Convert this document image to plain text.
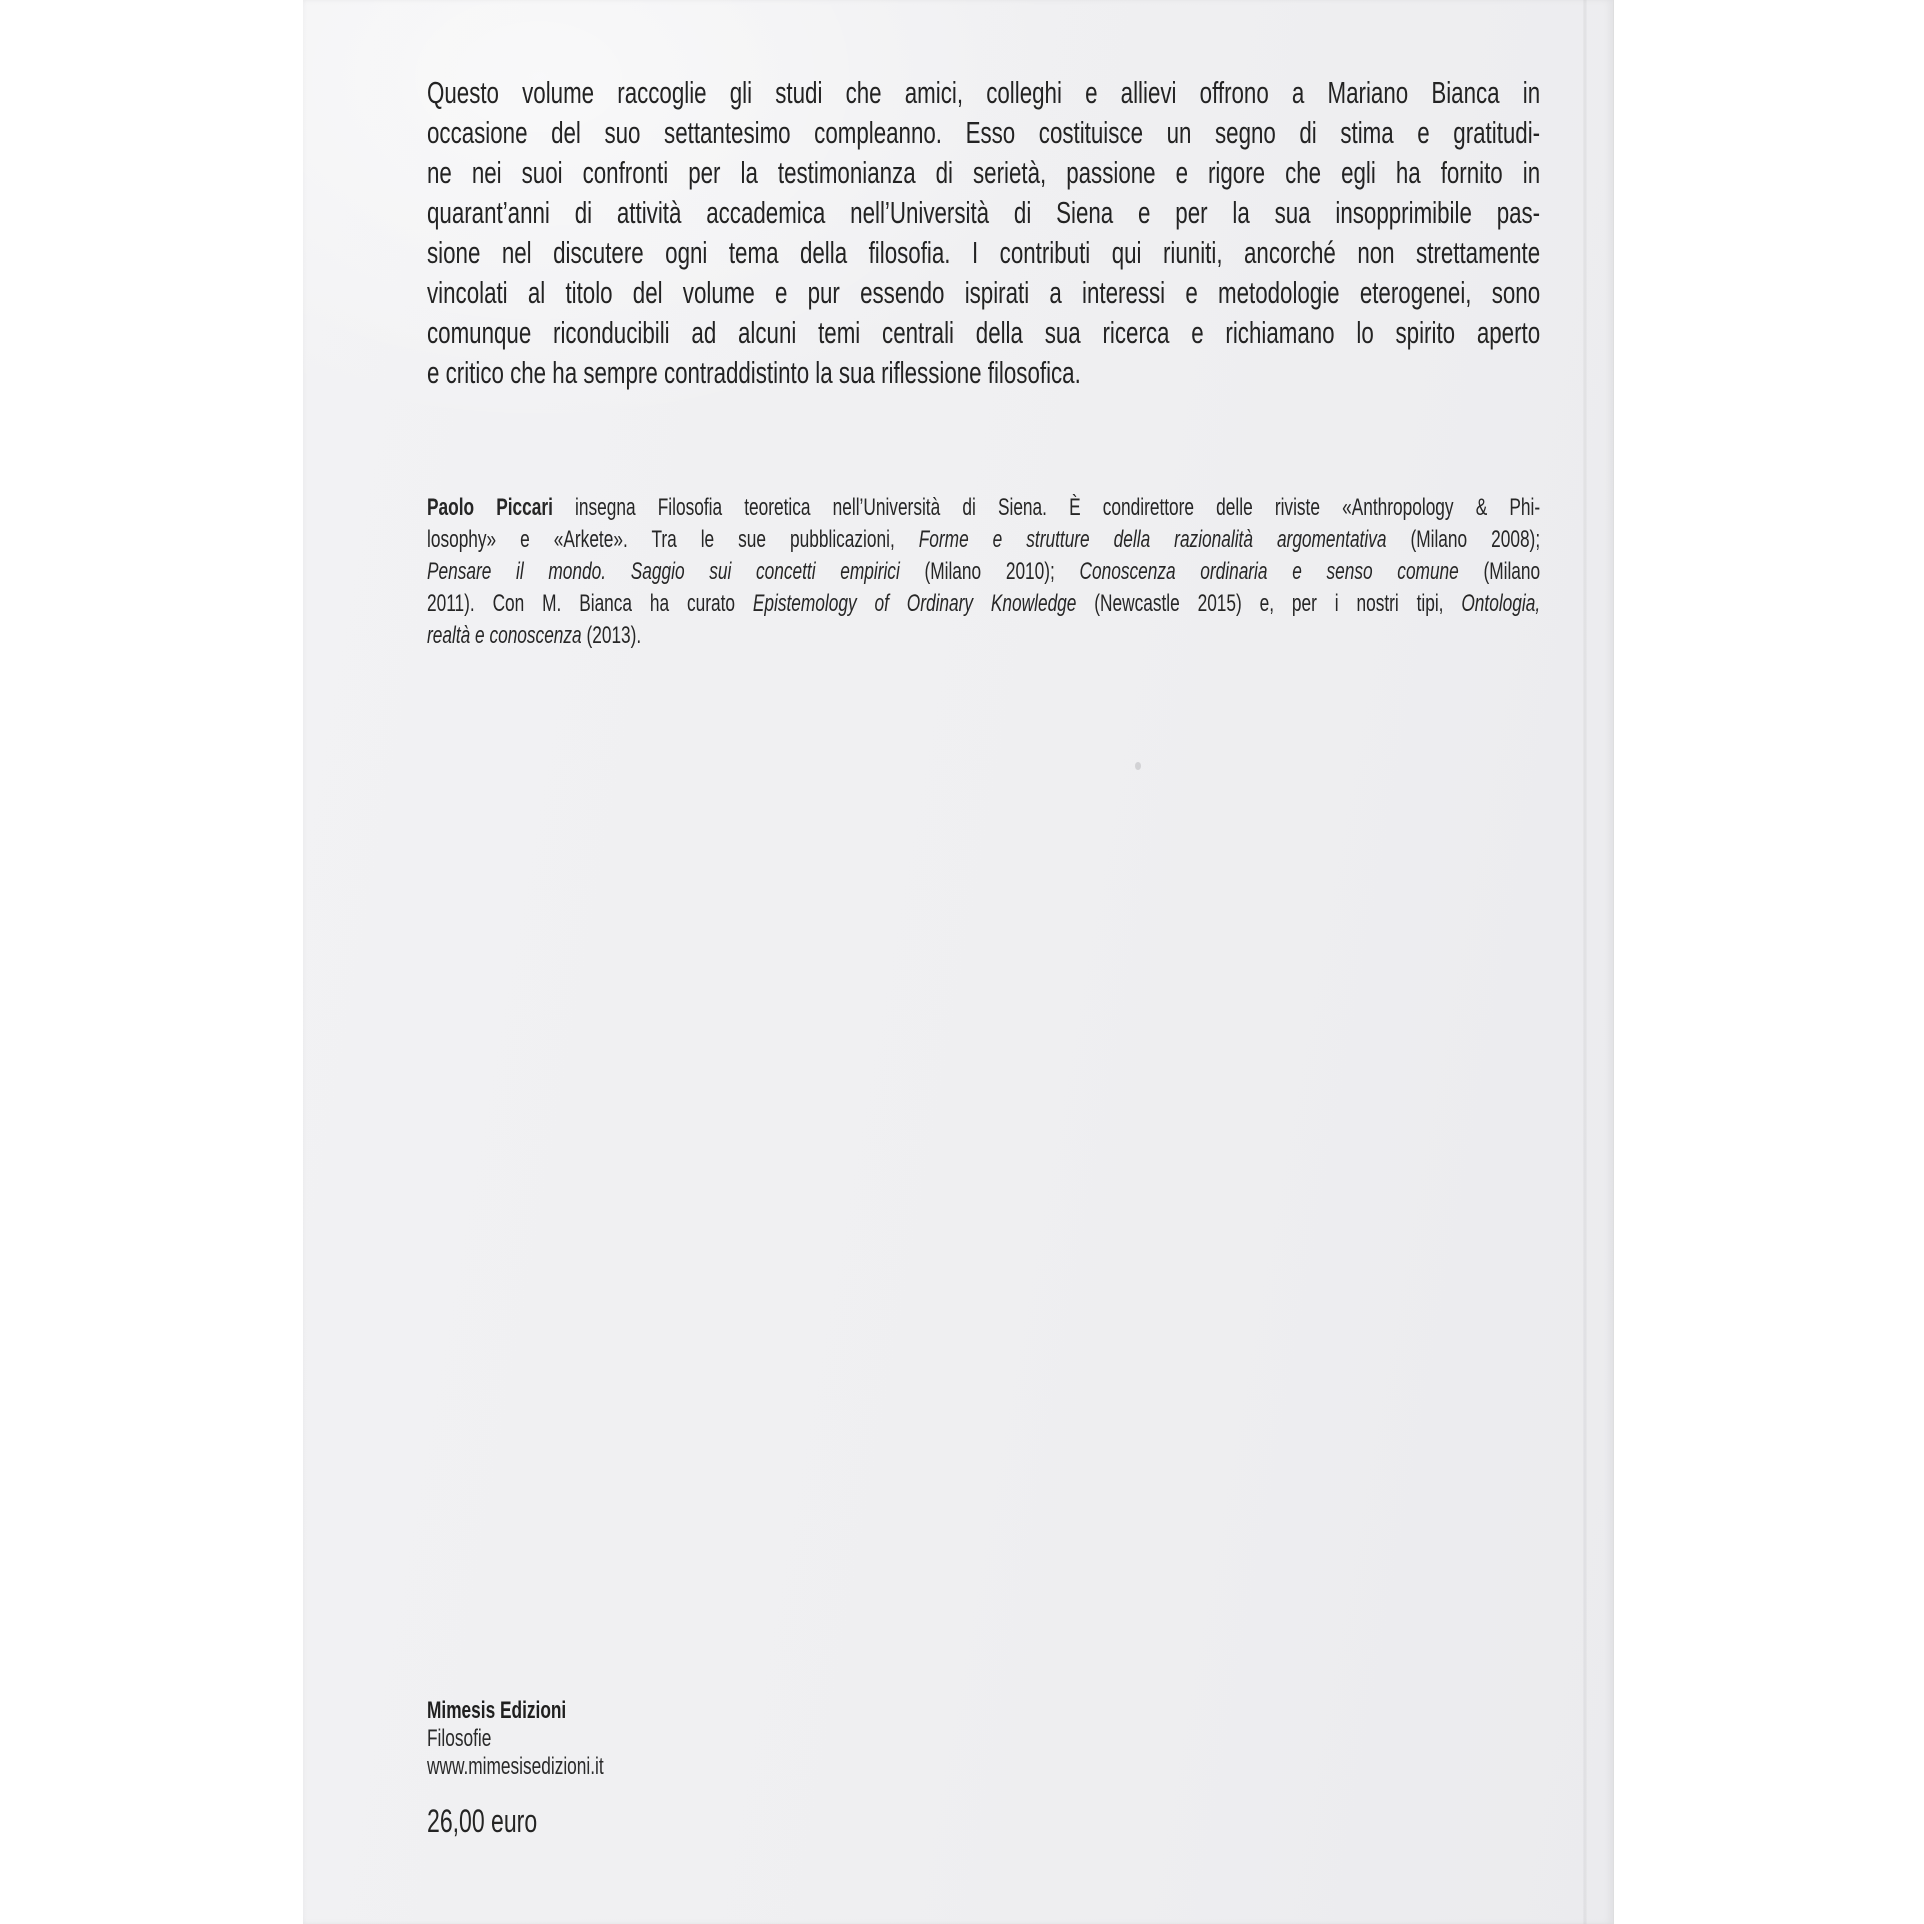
Questo volume raccoglie gli studi che amici, colleghi e allievi offrono a Mariano Bianca in
occasione del suo settantesimo compleanno. Esso costituisce un segno di stima e gratitudi-
ne nei suoi confronti per la testimonianza di serietà, passione e rigore che egli ha fornito in
quarant’anni di attività accademica nell’Università di Siena e per la sua insopprimibile pas-
sione nel discutere ogni tema della filosofia. I contributi qui riuniti, ancorché non strettamente
vincolati al titolo del volume e pur essendo ispirati a interessi e metodologie eterogenei, sono
comunque riconducibili ad alcuni temi centrali della sua ricerca e richiamano lo spirito aperto
e critico che ha sempre contraddistinto la sua riflessione filosofica.
Paolo Piccari insegna Filosofia teoretica nell’Università di Siena. È condirettore delle riviste «Anthropology & Phi-
losophy» e «Arkete». Tra le sue pubblicazioni, Forme e strutture della razionalità argomentativa (Milano 2008);
Pensare il mondo. Saggio sui concetti empirici (Milano 2010); Conoscenza ordinaria e senso comune (Milano
2011). Con M. Bianca ha curato Epistemology of Ordinary Knowledge (Newcastle 2015) e, per i nostri tipi, Ontologia,
realtà e conoscenza (2013).
Mimesis Edizioni
Filosofie
www.mimesisedizioni.it
26,00 euro
